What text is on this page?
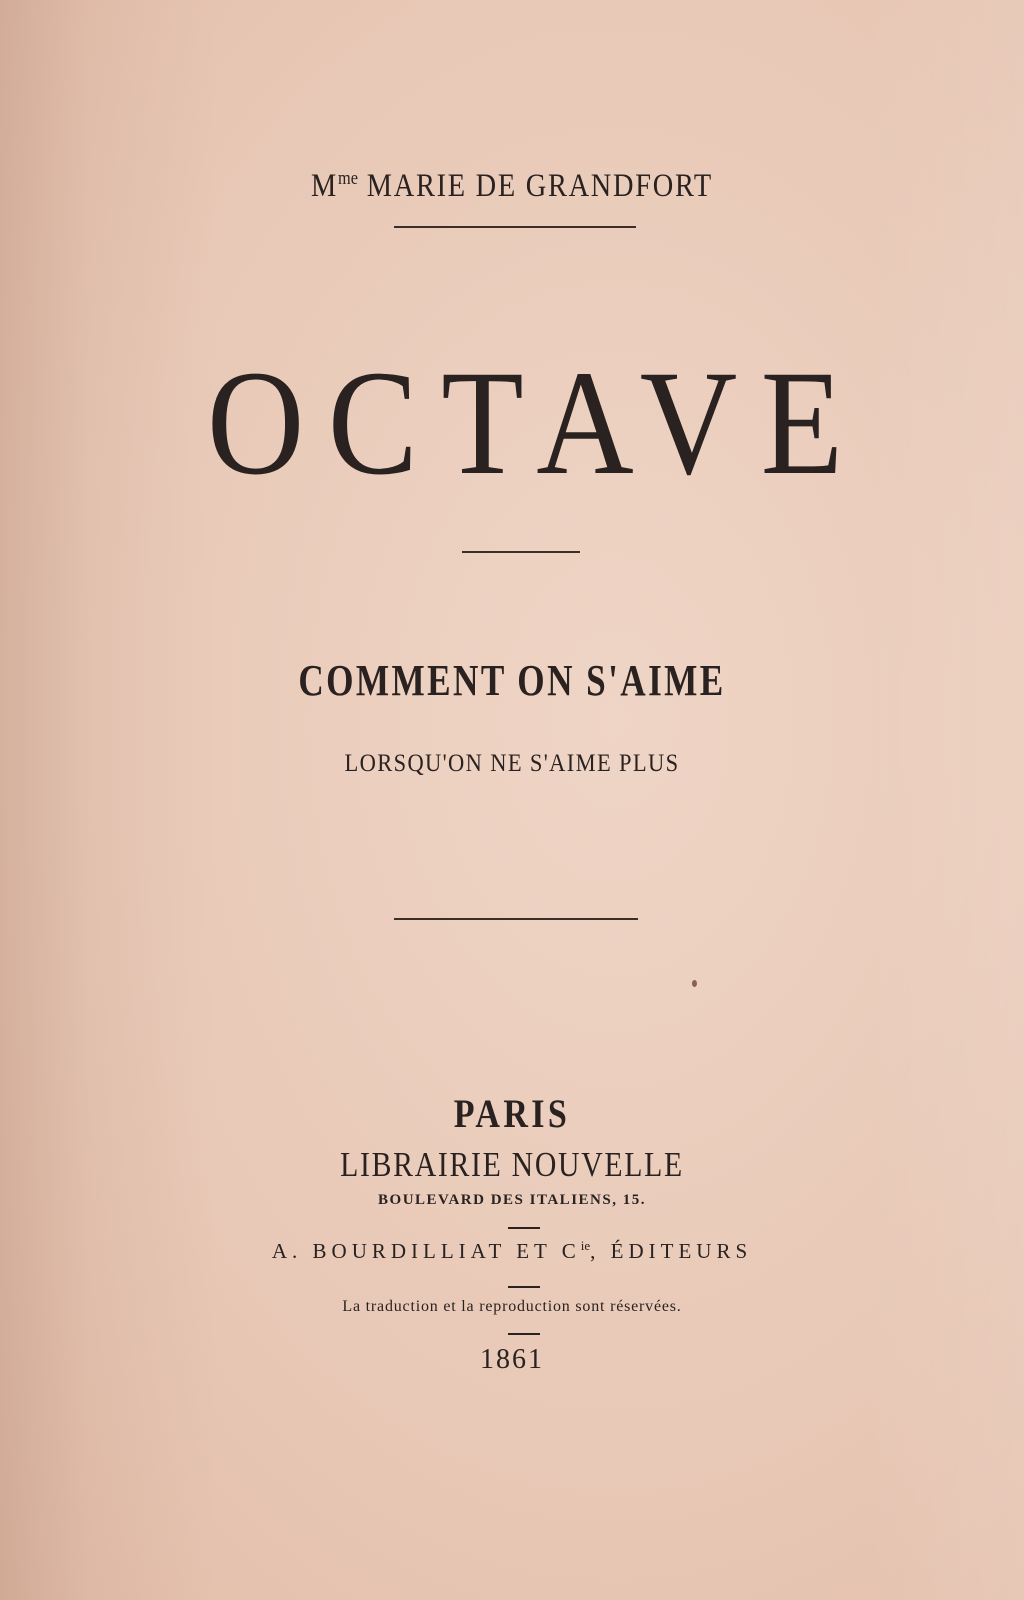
$M^{me}$ MARIE DE GRANDFORT
OCTAVE
COMMENT ON S'AIME
LORSQU'ON NE S'AIME PLUS
PARIS
LIBRAIRIE NOUVELLE
BOULEVARD DES ITALIENS, 15.
A. BOURDILLIAT ET $C^{ie}$, ÉDITEURS
La traduction et la reproduction sont réservées.
1861
